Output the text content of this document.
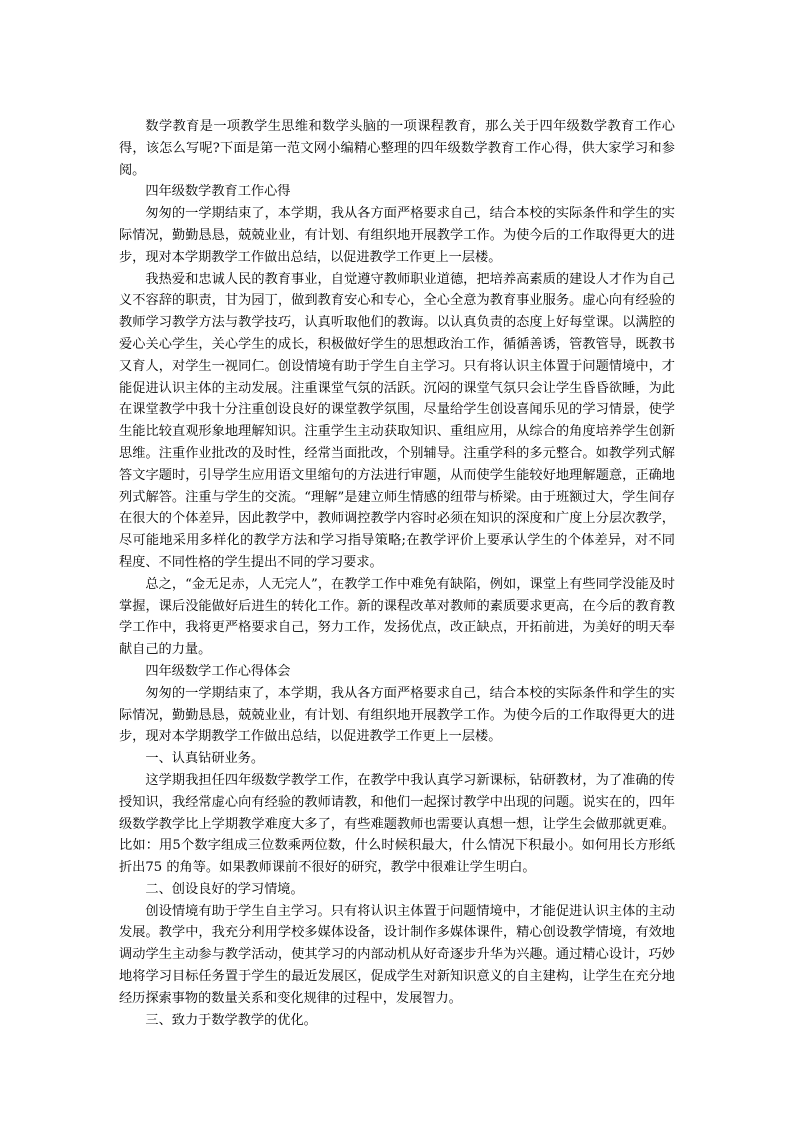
数学教育是一项教学生思维和数学头脑的一项课程教育，那么关于四年级数学教育工作心得，该怎么写呢?下面是第一范文网小编精心整理的四年级数学教育工作心得，供大家学习和参阅。

四年级数学教育工作心得

匆匆的一学期结束了，本学期，我从各方面严格要求自己，结合本校的实际条件和学生的实际情况，勤勤恳恳，兢兢业业，有计划、有组织地开展教学工作。为使今后的工作取得更大的进步，现对本学期教学工作做出总结，以促进教学工作更上一层楼。

我热爱和忠诚人民的教育事业，自觉遵守教师职业道德，把培养高素质的建设人才作为自己义不容辞的职责，甘为园丁，做到教育安心和专心，全心全意为教育事业服务。虚心向有经验的教师学习教学方法与教学技巧，认真听取他们的教诲。以认真负责的态度上好每堂课。以满腔的爱心关心学生，关心学生的成长，积极做好学生的思想政治工作，循循善诱，管教管导，既教书又育人，对学生一视同仁。创设情境有助于学生自主学习。只有将认识主体置于问题情境中，才能促进认识主体的主动发展。注重课堂气氛的活跃。沉闷的课堂气氛只会让学生昏昏欲睡，为此在课堂教学中我十分注重创设良好的课堂教学氛围，尽量给学生创设喜闻乐见的学习情景，使学生能比较直观形象地理解知识。注重学生主动获取知识、重组应用，从综合的角度培养学生创新思维。注重作业批改的及时性，经常当面批改，个别辅导。注重学科的多元整合。如教学列式解答文字题时，引导学生应用语文里缩句的方法进行审题，从而使学生能较好地理解题意，正确地列式解答。注重与学生的交流。“理解”是建立师生情感的纽带与桥梁。由于班额过大，学生间存在很大的个体差异，因此教学中，教师调控教学内容时必须在知识的深度和广度上分层次教学，尽可能地采用多样化的教学方法和学习指导策略;在教学评价上要承认学生的个体差异，对不同程度、不同性格的学生提出不同的学习要求。

总之，“金无足赤，人无完人”，在教学工作中难免有缺陷，例如，课堂上有些同学没能及时掌握，课后没能做好后进生的转化工作。新的课程改革对教师的素质要求更高，在今后的教育教学工作中，我将更严格要求自己，努力工作，发扬优点，改正缺点，开拓前进，为美好的明天奉献自己的力量。

四年级数学工作心得体会

匆匆的一学期结束了，本学期，我从各方面严格要求自己，结合本校的实际条件和学生的实际情况，勤勤恳恳，兢兢业业，有计划、有组织地开展教学工作。为使今后的工作取得更大的进步，现对本学期教学工作做出总结，以促进教学工作更上一层楼。

一、认真钻研业务。

这学期我担任四年级数学教学工作，在教学中我认真学习新课标，钻研教材，为了准确的传授知识，我经常虚心向有经验的教师请教，和他们一起探讨教学中出现的问题。说实在的，四年级数学教学比上学期教学难度大多了，有些难题教师也需要认真想一想，让学生会做那就更难。比如：用5个数字组成三位数乘两位数，什么时候积最大，什么情况下积最小。如何用长方形纸折出75 的角等。如果教师课前不很好的研究，教学中很难让学生明白。

二、创设良好的学习情境。

创设情境有助于学生自主学习。只有将认识主体置于问题情境中，才能促进认识主体的主动发展。教学中，我充分利用学校多媒体设备，设计制作多媒体课件，精心创设教学情境，有效地调动学生主动参与教学活动，使其学习的内部动机从好奇逐步升华为兴趣。通过精心设计，巧妙地将学习目标任务置于学生的最近发展区，促成学生对新知识意义的自主建构，让学生在充分地经历探索事物的数量关系和变化规律的过程中，发展智力。

三、致力于数学教学的优化。
